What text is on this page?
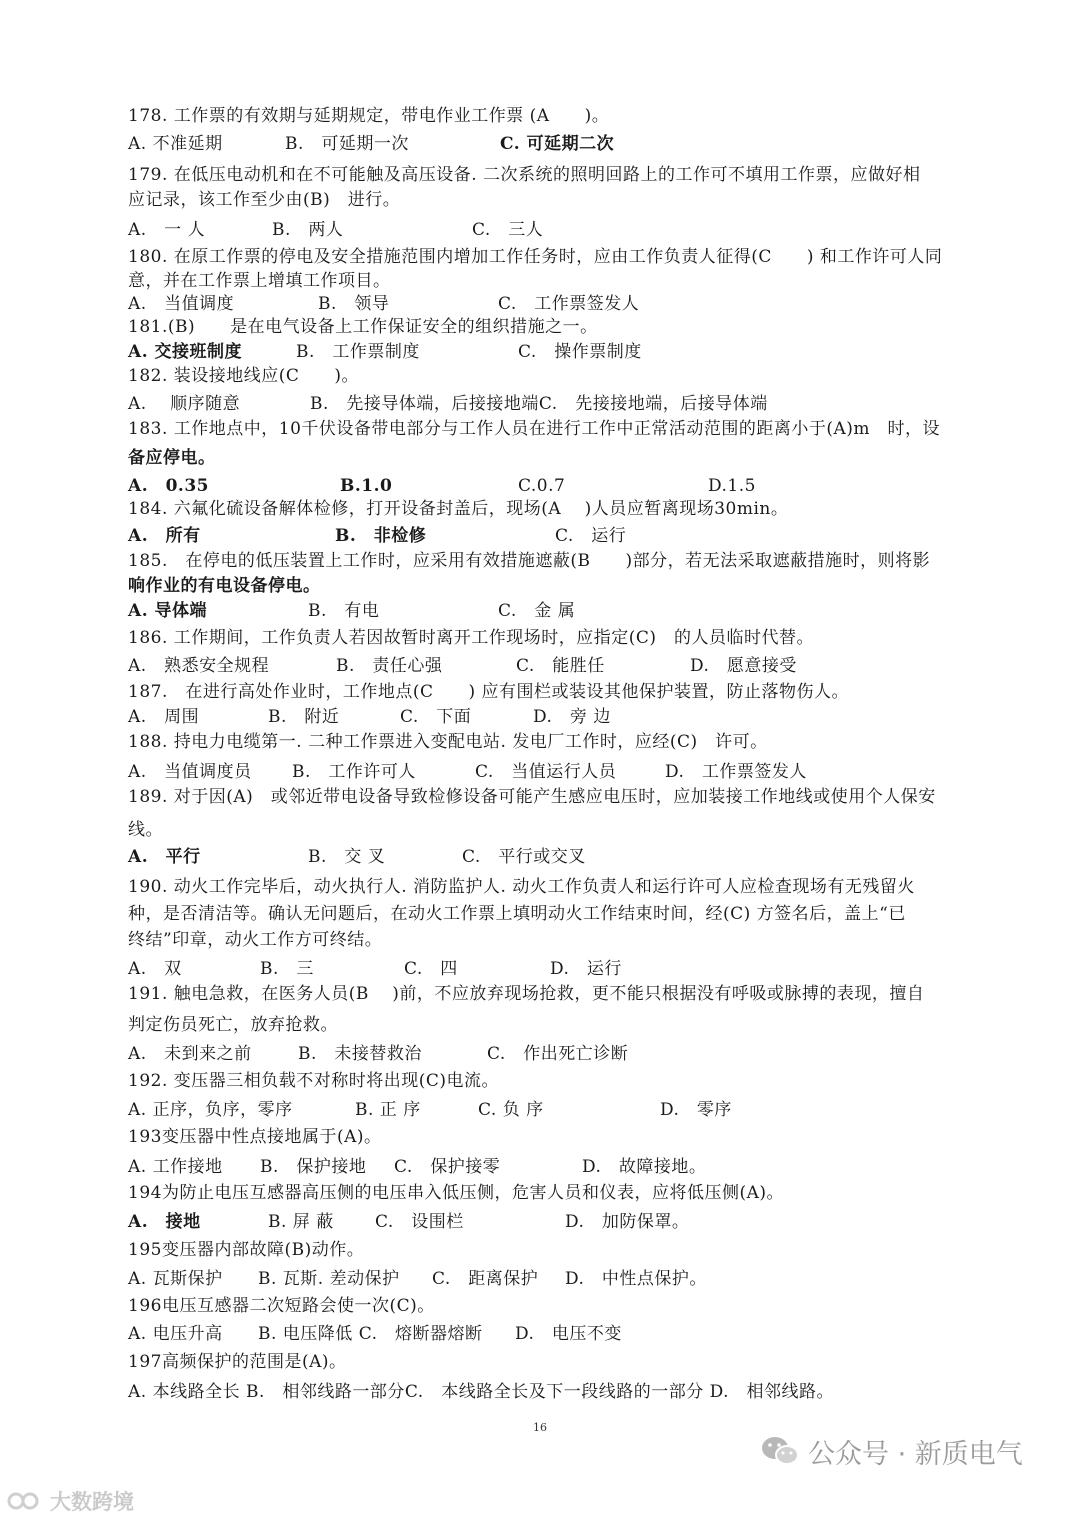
178. 工作票的有效期与延期规定，带电作业工作票 (A　　)。
A. 不准延期	B.　可延期一次	C. 可延期二次
179. 在低压电动机和在不可能触及高压设备. 二次系统的照明回路上的工作可不填用工作票，应做好相
应记录，该工作至少由(B)　进行。
A.　一 人	B.　两人	C.　三人
180. 在原工作票的停电及安全措施范围内增加工作任务时，应由工作负责人征得(C　　) 和工作许可人同
意，并在工作票上增填工作项目。
A.　当值调度	B.　领导	C.　工作票签发人
181.(B)　　是在电气设备上工作保证安全的组织措施之一。
A. 交接班制度	B.　工作票制度	C.　操作票制度
182. 装设接地线应(C　　)。
A.　 顺序随意	B.　先接导体端，后接接地端C.　先接接地端，后接导体端
183. 工作地点中，10千伏设备带电部分与工作人员在进行工作中正常活动范围的距离小于(A)m　时，设
备应停电。
A.　0.35	B.1.0	C.0.7	D.1.5
184. 六氟化硫设备解体检修，打开设备封盖后，现场(A　 )人员应暂离现场30min。
A.　所有	B.　非检修	C.　运行
185.　在停电的低压装置上工作时，应采用有效措施遮蔽(B　　)部分，若无法采取遮蔽措施时，则将影
响作业的有电设备停电。
A. 导体端	B.　有电	C.　金 属
186. 工作期间，工作负责人若因故暂时离开工作现场时，应指定(C)　的人员临时代替。
A.　熟悉安全规程	B.　责任心强	C.　能胜任	D.　愿意接受
187.　在进行高处作业时，工作地点(C　　) 应有围栏或装设其他保护装置，防止落物伤人。
A.　周围	B.　附近	C.　下面	D.　旁 边
188. 持电力电缆第一. 二种工作票进入变配电站. 发电厂工作时，应经(C)　许可。
A.　当值调度员 B.　工作许可人	C.　当值运行人员	D.　工作票签发人
189. 对于因(A)　或邻近带电设备导致检修设备可能产生感应电压时，应加装接工作地线或使用个人保安
线。
A.　平行	B.　交 叉	C.　平行或交叉
190. 动火工作完毕后，动火执行人. 消防监护人. 动火工作负责人和运行许可人应检查现场有无残留火
种，是否清洁等。确认无问题后，在动火工作票上填明动火工作结束时间，经(C) 方签名后，盖上“已
终结”印章，动火工作方可终结。
A.　双	B.　三	C.　四	D.　运行
191. 触电急救，在医务人员(B　 )前，不应放弃现场抢救，更不能只根据没有呼吸或脉搏的表现，擅自
判定伤员死亡，放弃抢救。
A.　未到来之前	B.　未接替救治	C.　作出死亡诊断
192. 变压器三相负载不对称时将出现(C)电流。
A. 正序，负序，零序	B. 正 序	C. 负 序	D.　零序
193变压器中性点接地属于(A)。
A. 工作接地 B.　保护接地 C.　保护接零	D.　故障接地。
194为防止电压互感器高压侧的电压串入低压侧，危害人员和仪表，应将低压侧(A)。
A.　接地	B. 屏 蔽 C.　设围栏	D.　加防保罩。
195变压器内部故障(B)动作。
A. 瓦斯保护 B. 瓦斯. 差动保护 C.　距离保护 D.　中性点保护。
196电压互感器二次短路会使一次(C)。
A. 电压升高 B. 电压降低 C.　熔断器熔断 D.　电压不变
197高频保护的范围是(A)。
A. 本线路全长 B.　相邻线路一部分C.　本线路全长及下一段线路的一部分 D.　相邻线路。
16
大数跨境
公众号 · 新质电气
